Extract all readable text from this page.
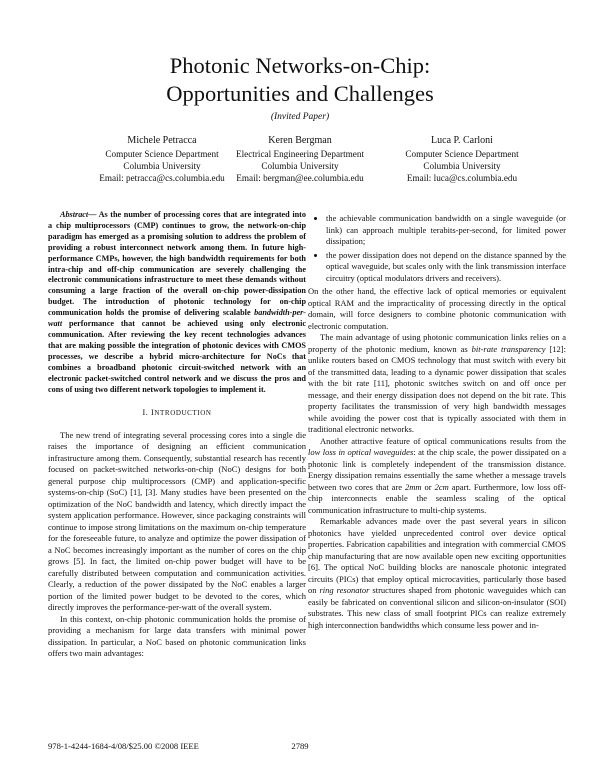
Photonic Networks-on-Chip:
Opportunities and Challenges
(Invited Paper)
Michele Petracca
Computer Science Department
Columbia University
Email: petracca@cs.columbia.edu
Keren Bergman
Electrical Engineering Department
Columbia University
Email: bergman@ee.columbia.edu
Luca P. Carloni
Computer Science Department
Columbia University
Email: luca@cs.columbia.edu

Abstract— As the number of processing cores that are integrated into a chip multiprocessors (CMP) continues to grow, the network-on-chip paradigm has emerged as a promising solution to address the problem of providing a robust interconnect network among them. In future high-performance CMPs, however, the high bandwidth requirements for both intra-chip and off-chip communication are severely challenging the electronic communications infrastructure to meet these demands without consuming a large fraction of the overall on-chip power-dissipation budget. The introduction of photonic technology for on-chip communication holds the promise of delivering scalable bandwidth-per-watt performance that cannot be achieved using only electronic communication. After reviewing the key recent technologies advances that are making possible the integration of photonic devices with CMOS processes, we describe a hybrid micro-architecture for NoCs that combines a broadband photonic circuit-switched network with an electronic packet-switched control network and we discuss the pros and cons of using two different network topologies to implement it.

I. INTRODUCTION

The new trend of integrating several processing cores into a single die raises the importance of designing an efficient communication infrastructure among them. Consequently, substantial research has recently focused on packet-switched networks-on-chip (NoC) designs for both general purpose chip multiprocessors (CMP) and application-specific systems-on-chip (SoC) [1], [3]. Many studies have been presented on the optimization of the NoC bandwidth and latency, which directly impact the system application performance. However, since packaging constraints will continue to impose strong limitations on the maximum on-chip temperature for the foreseeable future, to analyze and optimize the power dissipation of a NoC becomes increasingly important as the number of cores on the chip grows [5]. In fact, the limited on-chip power budget will have to be carefully distributed between computation and communication activities. Clearly, a reduction of the power dissipated by the NoC enables a larger portion of the limited power budget to be devoted to the cores, which directly improves the performance-per-watt of the overall system.

In this context, on-chip photonic communication holds the promise of providing a mechanism for large data transfers with minimal power dissipation. In particular, a NoC based on photonic communication links offers two main advantages:

• the achievable communication bandwidth on a single waveguide (or link) can approach multiple terabits-per-second, for limited power dissipation;
• the power dissipation does not depend on the distance spanned by the optical waveguide, but scales only with the link transmission interface circuitry (optical modulators drivers and receivers).

On the other hand, the effective lack of optical memories or equivalent optical RAM and the impracticality of processing directly in the optical domain, will force designers to combine photonic communication with electronic computation.

The main advantage of using photonic communication links relies on a property of the photonic medium, known as bit-rate transparency [12]: unlike routers based on CMOS technology that must switch with every bit of the transmitted data, leading to a dynamic power dissipation that scales with the bit rate [11], photonic switches switch on and off once per message, and their energy dissipation does not depend on the bit rate. This property facilitates the transmission of very high bandwidth messages while avoiding the power cost that is typically associated with them in traditional electronic networks.

Another attractive feature of optical communications results from the low loss in optical waveguides: at the chip scale, the power dissipated on a photonic link is completely independent of the transmission distance. Energy dissipation remains essentially the same whether a message travels between two cores that are 2mm or 2cm apart. Furthermore, low loss off-chip interconnects enable the seamless scaling of the optical communication infrastructure to multi-chip systems.

Remarkable advances made over the past several years in silicon photonics have yielded unprecedented control over device optical properties. Fabrication capabilities and integration with commercial CMOS chip manufacturing that are now available open new exciting opportunities [6]. The optical NoC building blocks are nanoscale photonic integrated circuits (PICs) that employ optical microcavities, particularly those based on ring resonator structures shaped from photonic waveguides which can easily be fabricated on conventional silicon and silicon-on-insulator (SOI) substrates. This new class of small footprint PICs can realize extremely high interconnection bandwidths which consume less power and in-

978-1-4244-1684-4/08/$25.00 ©2008 IEEE	2789
